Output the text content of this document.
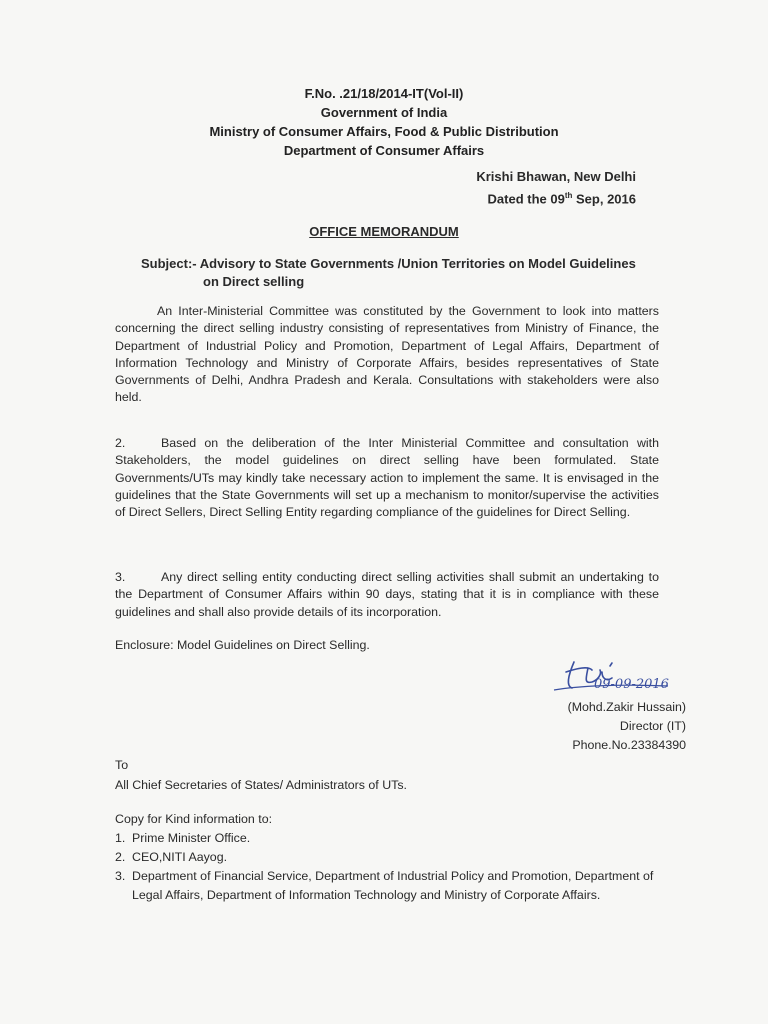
F.No. .21/18/2014-IT(Vol-II)
Government of India
Ministry of Consumer Affairs, Food & Public Distribution
Department of Consumer Affairs
Krishi Bhawan, New Delhi
Dated the 09th Sep, 2016
OFFICE MEMORANDUM
Subject:- Advisory to State Governments /Union Territories on Model Guidelines
on Direct selling
An Inter-Ministerial Committee was constituted by the Government to look into matters concerning the direct selling industry consisting of representatives from Ministry of Finance, the Department of Industrial Policy and Promotion, Department of Legal Affairs, Department of Information Technology and Ministry of Corporate Affairs, besides representatives of State Governments of Delhi, Andhra Pradesh and Kerala. Consultations with stakeholders were also held.
2.	Based on the deliberation of the Inter Ministerial Committee and consultation with Stakeholders, the model guidelines on direct selling have been formulated. State Governments/UTs may kindly take necessary action to implement the same. It is envisaged in the guidelines that the State Governments will set up a mechanism to monitor/supervise the activities of Direct Sellers, Direct Selling Entity regarding compliance of the guidelines for Direct Selling.
3.	Any direct selling entity conducting direct selling activities shall submit an undertaking to the Department of Consumer Affairs within 90 days, stating that it is in compliance with these guidelines and shall also provide details of its incorporation.
Enclosure: Model Guidelines on Direct Selling.
09-09-2016
(Mohd.Zakir Hussain)
Director (IT)
Phone.No.23384390
To
All Chief Secretaries of States/ Administrators of UTs.
Copy for Kind information to:
1. Prime Minister Office.
2. CEO,NITI Aayog.
3. Department of Financial Service, Department of Industrial Policy and Promotion, Department of Legal Affairs, Department of Information Technology and Ministry of Corporate Affairs.
